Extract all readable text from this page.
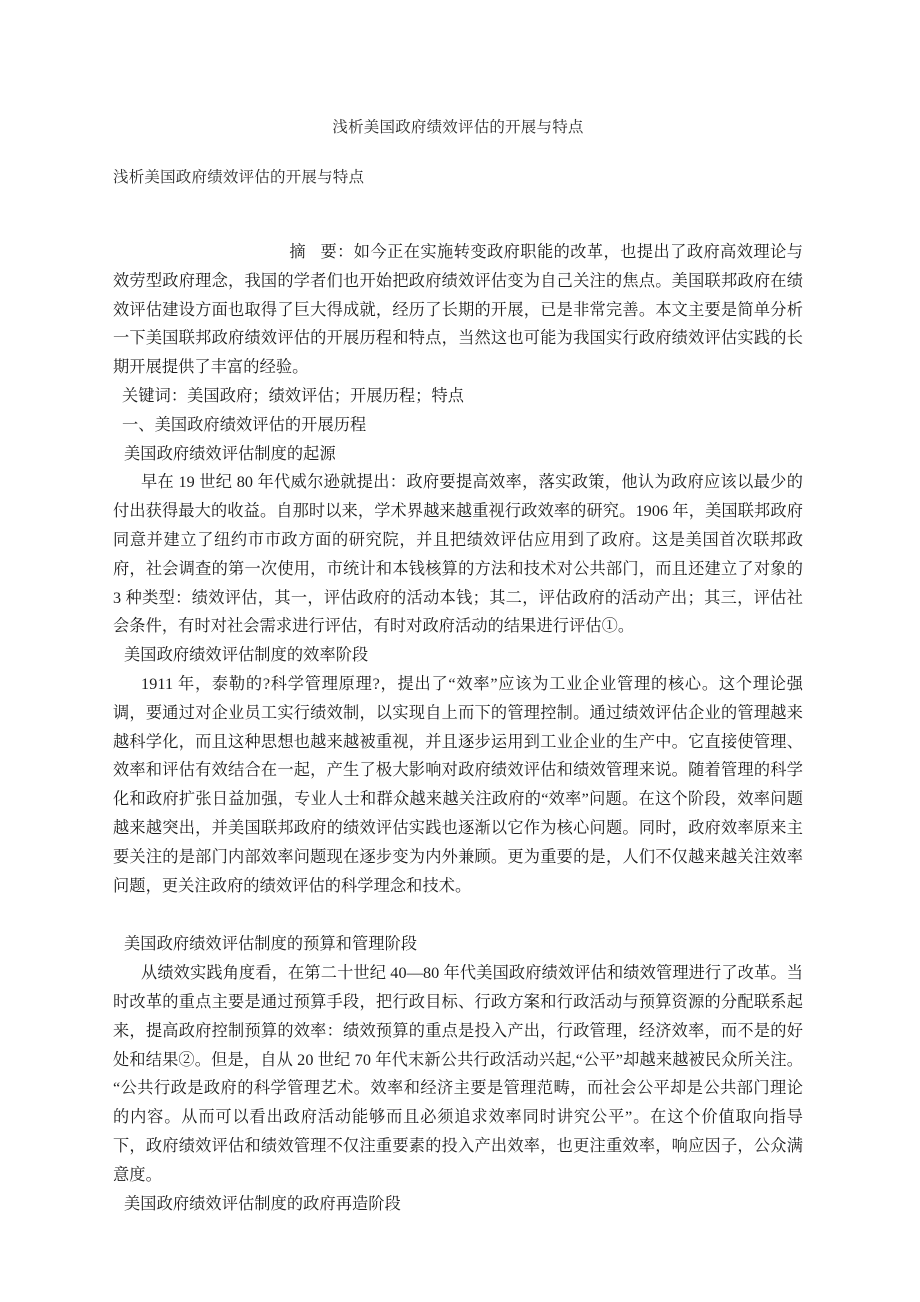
浅析美国政府绩效评估的开展与特点
浅析美国政府绩效评估的开展与特点

摘 要：如今正在实施转变政府职能的改革，也提出了政府高效理论与效劳型政府理念，我国的学者们也开始把政府绩效评估变为自己关注的焦点。美国联邦政府在绩效评估建设方面也取得了巨大得成就，经历了长期的开展，已是非常完善。本文主要是简单分析一下美国联邦政府绩效评估的开展历程和特点，当然这也可能为我国实行政府绩效评估实践的长期开展提供了丰富的经验。

关键词：美国政府；绩效评估；开展历程；特点
一、美国政府绩效评估的开展历程
美国政府绩效评估制度的起源

早在 19 世纪 80 年代威尔逊就提出：政府要提高效率，落实政策，他认为政府应该以最少的付出获得最大的收益。自那时以来，学术界越来越重视行政效率的研究。1906 年，美国联邦政府同意并建立了纽约市市政方面的研究院，并且把绩效评估应用到了政府。这是美国首次联邦政府，社会调查的第一次使用，市统计和本钱核算的方法和技术对公共部门，而且还建立了对象的 3 种类型：绩效评估，其一，评估政府的活动本钱；其二，评估政府的活动产出；其三，评估社会条件，有时对社会需求进行评估，有时对政府活动的结果进行评估①。

美国政府绩效评估制度的效率阶段

1911 年，泰勒的?科学管理原理?，提出了“效率”应该为工业企业管理的核心。这个理论强调，要通过对企业员工实行绩效制，以实现自上而下的管理控制。通过绩效评估企业的管理越来越科学化，而且这种思想也越来越被重视，并且逐步运用到工业企业的生产中。它直接使管理、效率和评估有效结合在一起，产生了极大影响对政府绩效评估和绩效管理来说。随着管理的科学化和政府扩张日益加强，专业人士和群众越来越关注政府的“效率”问题。在这个阶段，效率问题越来越突出，并美国联邦政府的绩效评估实践也逐渐以它作为核心问题。同时，政府效率原来主要关注的是部门内部效率问题现在逐步变为内外兼顾。更为重要的是，人们不仅越来越关注效率问题，更关注政府的绩效评估的科学理念和技术。

美国政府绩效评估制度的预算和管理阶段

从绩效实践角度看，在第二十世纪 40—80 年代美国政府绩效评估和绩效管理进行了改革。当时改革的重点主要是通过预算手段，把行政目标、行政方案和行政活动与预算资源的分配联系起来，提高政府控制预算的效率：绩效预算的重点是投入产出，行政管理，经济效率，而不是的好处和结果②。但是，自从 20 世纪 70 年代末新公共行政活动兴起,“公平”却越来越被民众所关注。“公共行政是政府的科学管理艺术。效率和经济主要是管理范畴，而社会公平却是公共部门理论的内容。从而可以看出政府活动能够而且必须追求效率同时讲究公平”。在这个价值取向指导下，政府绩效评估和绩效管理不仅注重要素的投入产出效率，也更注重效率，响应因子，公众满意度。

美国政府绩效评估制度的政府再造阶段
